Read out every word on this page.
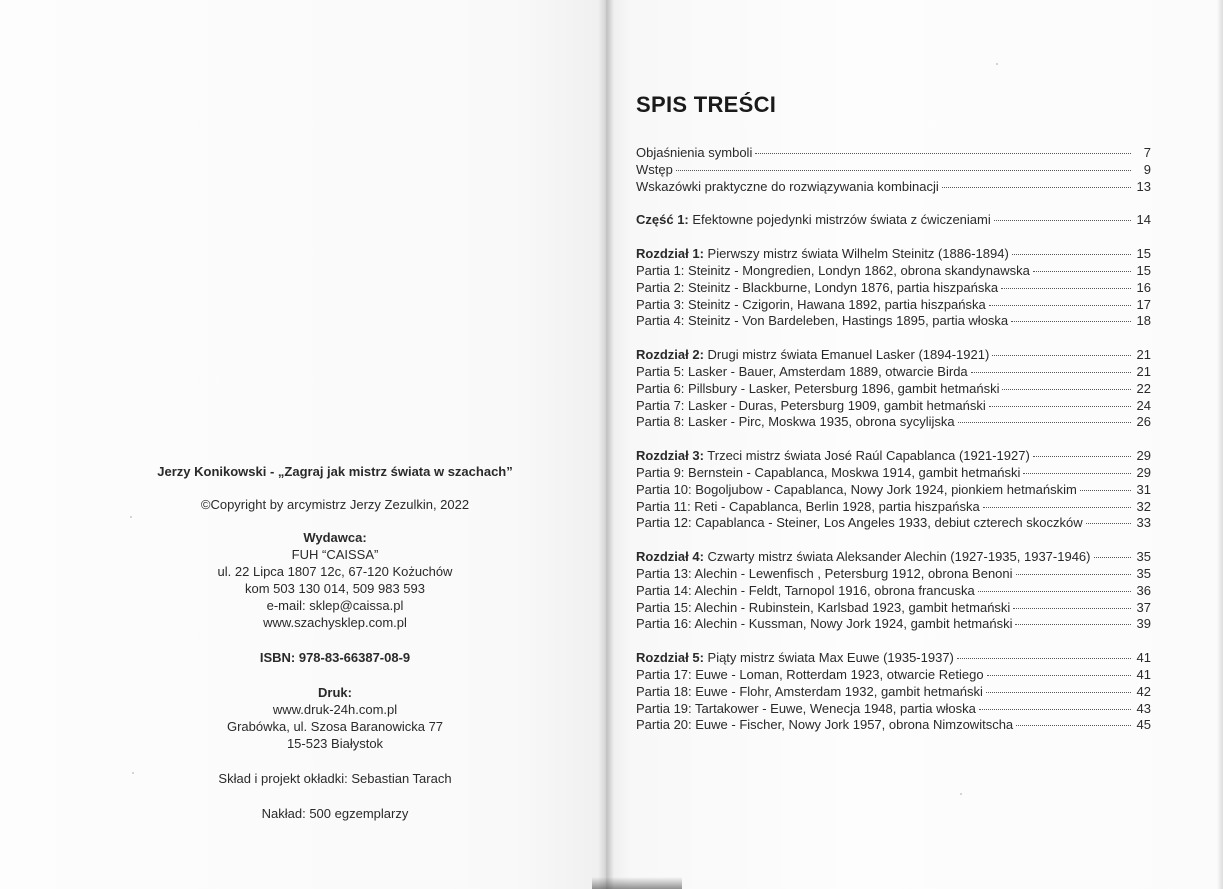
Jerzy Konikowski - „Zagraj jak mistrz świata w szachach”
©Copyright by arcymistrz Jerzy Zezulkin, 2022
Wydawca:
FUH “CAISSA”
ul. 22 Lipca 1807 12c, 67-120 Kożuchów
kom 503 130 014, 509 983 593
e-mail: sklep@caissa.pl
www.szachysklep.com.pl
ISBN: 978-83-66387-08-9
Druk:
www.druk-24h.com.pl
Grabówka, ul. Szosa Baranowicka 77
15-523 Białystok
Skład i projekt okładki: Sebastian Tarach
Nakład: 500 egzemplarzy
SPIS TREŚCI
Objaśnienia symboli	7
Wstęp	9
Wskazówki praktyczne do rozwiązywania kombinacji	13
Część 1: Efektowne pojedynki mistrzów świata z ćwiczeniami	14
Rozdział 1: Pierwszy mistrz świata Wilhelm Steinitz (1886-1894)	15
Partia 1: Steinitz - Mongredien, Londyn 1862, obrona skandynawska	15
Partia 2: Steinitz - Blackburne, Londyn 1876, partia hiszpańska	16
Partia 3: Steinitz - Czigorin, Hawana 1892, partia hiszpańska	17
Partia 4: Steinitz - Von Bardeleben, Hastings 1895, partia włoska	18
Rozdział 2: Drugi mistrz świata Emanuel Lasker (1894-1921)	21
Partia 5: Lasker - Bauer, Amsterdam 1889, otwarcie Birda	21
Partia 6: Pillsbury - Lasker, Petersburg 1896, gambit hetmański	22
Partia 7: Lasker - Duras, Petersburg 1909, gambit hetmański	24
Partia 8: Lasker - Pirc, Moskwa 1935, obrona sycylijska	26
Rozdział 3: Trzeci mistrz świata José Raúl Capablanca (1921-1927)	29
Partia 9: Bernstein - Capablanca, Moskwa 1914, gambit hetmański	29
Partia 10: Bogoljubow - Capablanca, Nowy Jork 1924, pionkiem hetmańskim	31
Partia 11: Reti - Capablanca, Berlin 1928, partia hiszpańska	32
Partia 12: Capablanca - Steiner, Los Angeles 1933, debiut czterech skoczków	33
Rozdział 4: Czwarty mistrz świata Aleksander Alechin (1927-1935, 1937-1946)	35
Partia 13: Alechin - Lewenfisch , Petersburg 1912, obrona Benoni	35
Partia 14: Alechin - Feldt, Tarnopol 1916, obrona francuska	36
Partia 15: Alechin - Rubinstein, Karlsbad 1923, gambit hetmański	37
Partia 16: Alechin - Kussman, Nowy Jork 1924, gambit hetmański	39
Rozdział 5: Piąty mistrz świata Max Euwe (1935-1937)	41
Partia 17: Euwe - Loman, Rotterdam 1923, otwarcie Retiego	41
Partia 18: Euwe - Flohr, Amsterdam 1932, gambit hetmański	42
Partia 19: Tartakower - Euwe, Wenecja 1948, partia włoska	43
Partia 20: Euwe - Fischer, Nowy Jork 1957, obrona Nimzowitscha	45
